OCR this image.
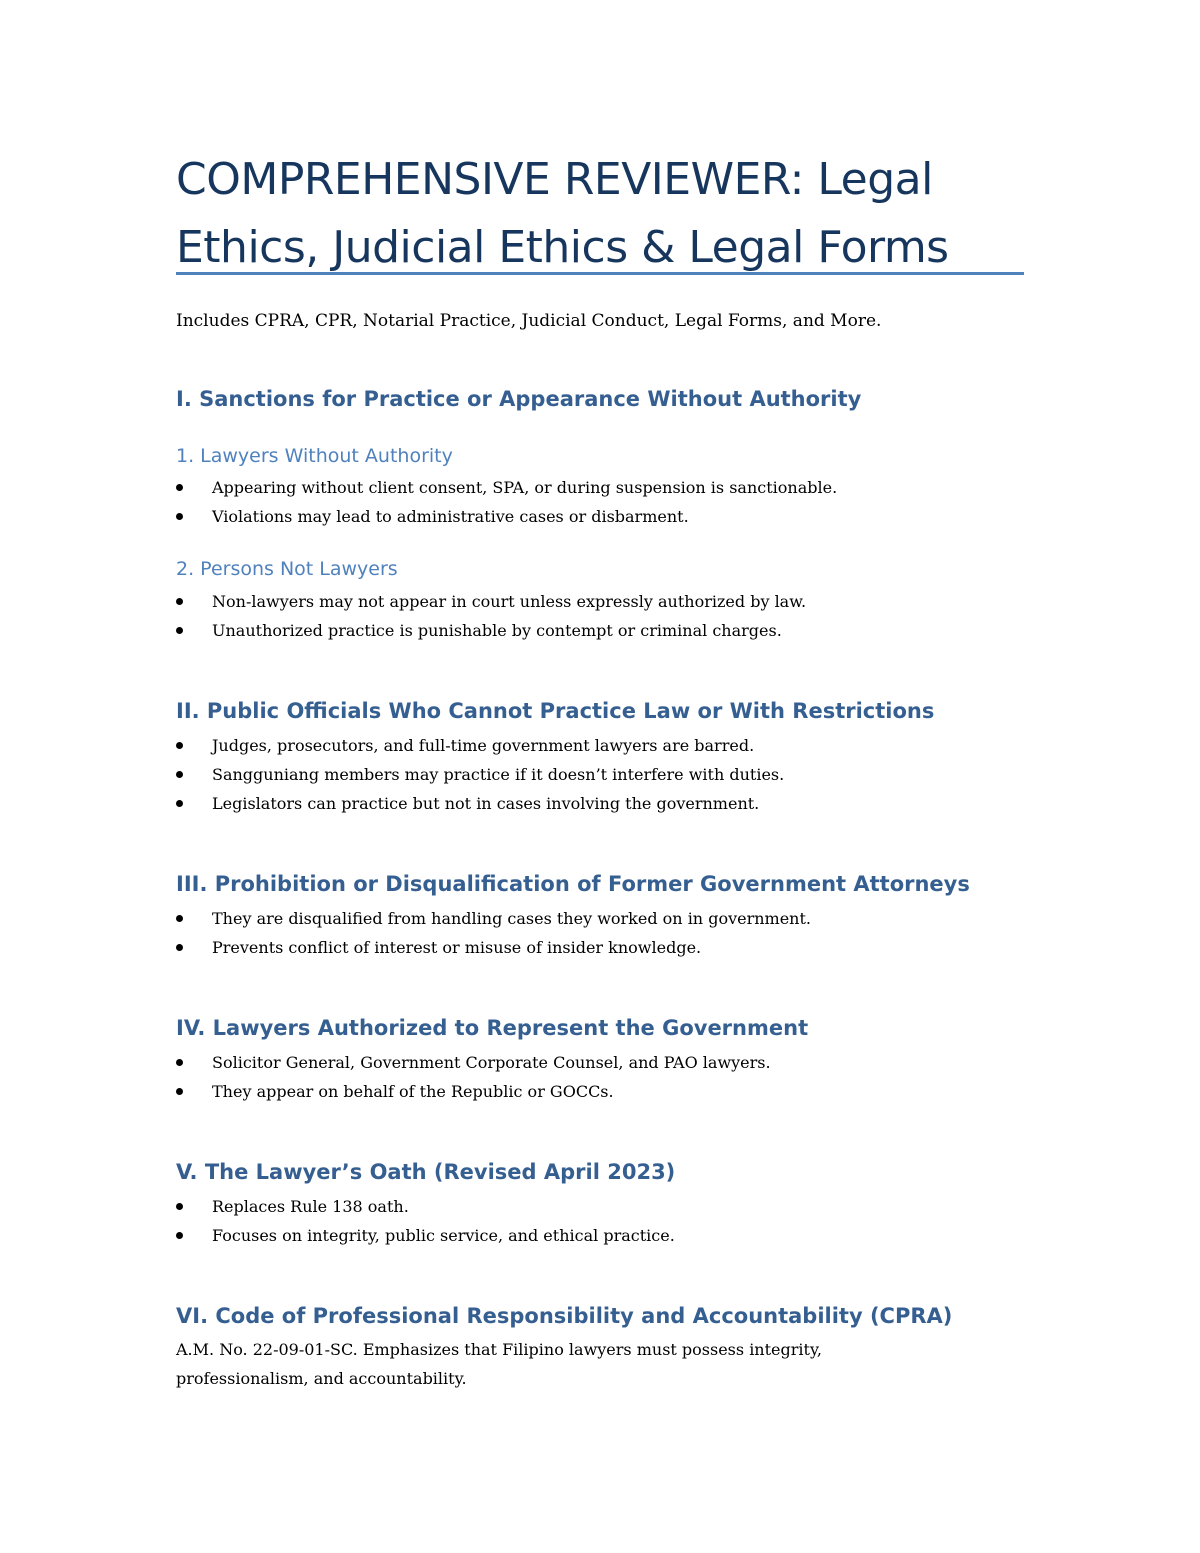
COMPREHENSIVE REVIEWER: Legal Ethics, Judicial Ethics & Legal Forms

Includes CPRA, CPR, Notarial Practice, Judicial Conduct, Legal Forms, and More.

I. Sanctions for Practice or Appearance Without Authority
1. Lawyers Without Authority
Appearing without client consent, SPA, or during suspension is sanctionable.
Violations may lead to administrative cases or disbarment.
2. Persons Not Lawyers
Non-lawyers may not appear in court unless expressly authorized by law.
Unauthorized practice is punishable by contempt or criminal charges.
II. Public Officials Who Cannot Practice Law or With Restrictions
Judges, prosecutors, and full-time government lawyers are barred.
Sangguniang members may practice if it doesn’t interfere with duties.
Legislators can practice but not in cases involving the government.
III. Prohibition or Disqualification of Former Government Attorneys
They are disqualified from handling cases they worked on in government.
Prevents conflict of interest or misuse of insider knowledge.
IV. Lawyers Authorized to Represent the Government
Solicitor General, Government Corporate Counsel, and PAO lawyers.
They appear on behalf of the Republic or GOCCs.
V. The Lawyer’s Oath (Revised April 2023)
Replaces Rule 138 oath.
Focuses on integrity, public service, and ethical practice.
VI. Code of Professional Responsibility and Accountability (CPRA)

A.M. No. 22-09-01-SC. Emphasizes that Filipino lawyers must possess integrity, professionalism, and accountability.
